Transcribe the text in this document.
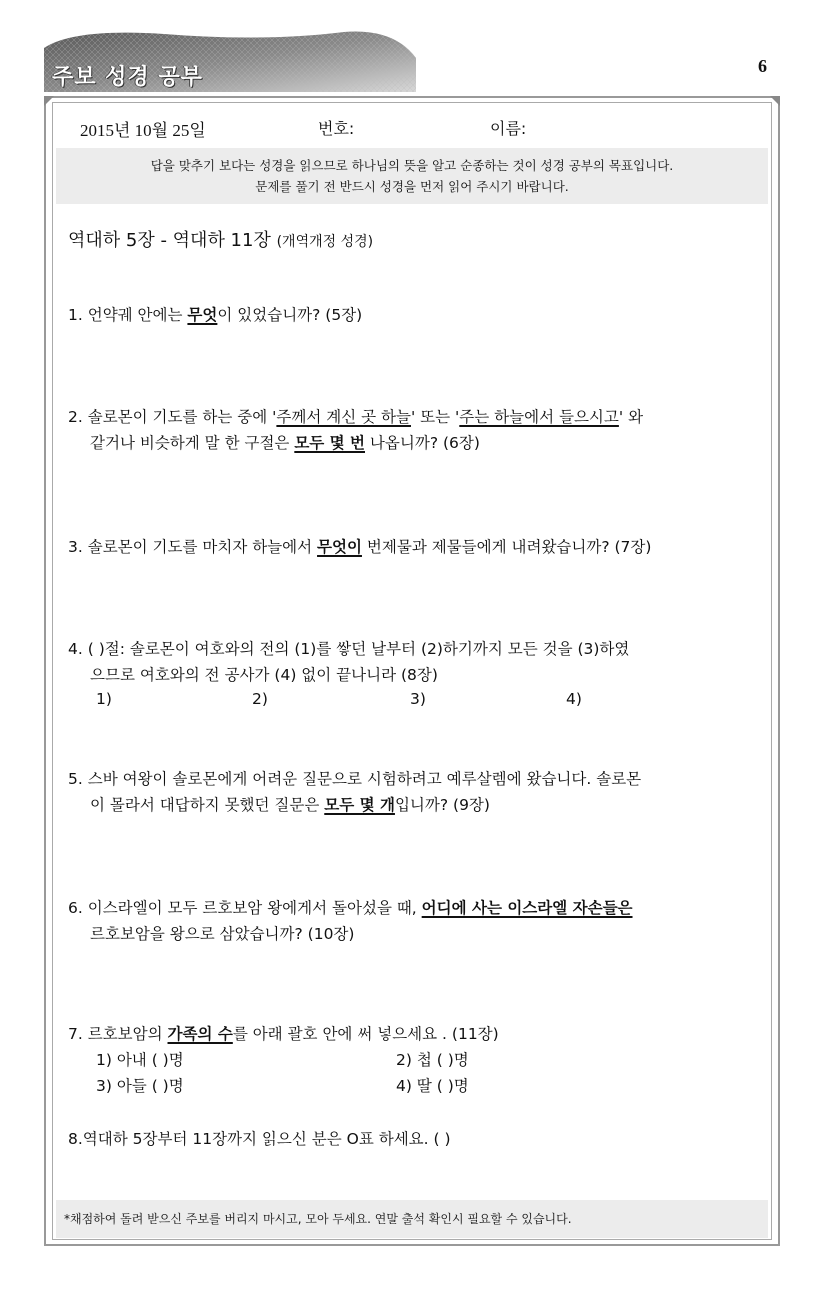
주보 성경 공부	6
2015년 10월 25일	번호:	이름:
답을 맞추기 보다는 성경을 읽으므로 하나님의 뜻을 알고 순종하는 것이 성경 공부의 목표입니다.
문제를 풀기 전 반드시 성경을 먼저 읽어 주시기 바랍니다.
역대하 5장 - 역대하 11장 (개역개정 성경)
1. 언약궤 안에는 무엇이 있었습니까? (5장)
2. 솔로몬이 기도를 하는 중에 '주께서 계신 곳 하늘' 또는 '주는 하늘에서 들으시고' 와
같거나 비슷하게 말 한 구절은 모두 몇 번 나옵니까? (6장)
3. 솔로몬이 기도를 마치자 하늘에서 무엇이 번제물과 제물들에게 내려왔습니까? (7장)
4. ( )절: 솔로몬이 여호와의 전의 (1)를 쌓던 날부터 (2)하기까지 모든 것을 (3)하였
으므로 여호와의 전 공사가 (4) 없이 끝나니라 (8장)
1)	2)	3)	4)
5. 스바 여왕이 솔로몬에게 어려운 질문으로 시험하려고 예루살렘에 왔습니다. 솔로몬
이 몰라서 대답하지 못했던 질문은 모두 몇 개입니까? (9장)
6. 이스라엘이 모두 르호보암 왕에게서 돌아섰을 때, 어디에 사는 이스라엘 자손들은
르호보암을 왕으로 삼았습니까? (10장)
7. 르호보암의 가족의 수를 아래 괄호 안에 써 넣으세요 . (11장)
1) 아내 ( )명	2) 첩 ( )명
3) 아들 ( )명	4) 딸 ( )명
8.역대하 5장부터 11장까지 읽으신 분은 O표 하세요. ( )
*채점하여 돌려 받으신 주보를 버리지 마시고, 모아 두세요. 연말 출석 확인시 필요할 수 있습니다.
